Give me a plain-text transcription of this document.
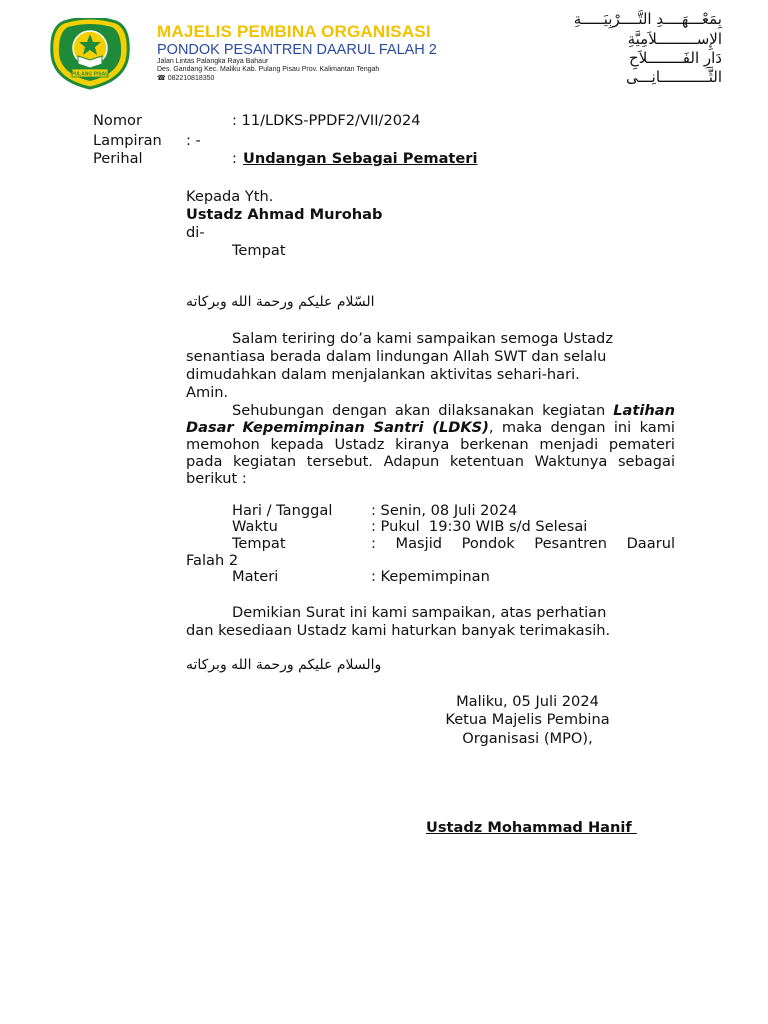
PULANG PISAU
MAJELIS PEMBINA ORGANISASI
PONDOK PESANTREN DAARUL FALAH 2
Jalan Lintas Palangka Raya Bahaur
Des. Gandang Kec. Maliku Kab. Pulang Pisau Prov. Kalimantan Tengah
☎ 082210818350
بِمَعْـــهَــــدِ التَّــــرْبِيَـــــةِ
الإِســـــــــلاَمِيَّةِ
دَارِ الفَــــــــلاَحِ
الثَّـــــــــــانِـــى
Nomor	: 11/LDKS-PPDF2/VII/2024
Lampiran : -
Perihal	: Undangan Sebagai Pemateri
Kepada Yth.
Ustadz Ahmad Murohab
di-
Tempat
السّلام عليكم ورحمة الله وبركاته
Salam teriring do’a kami sampaikan semoga Ustadz
senantiasa berada dalam lindungan Allah SWT dan selalu
dimudahkan dalam menjalankan aktivitas sehari-hari.
Amin.
Sehubungan dengan akan dilaksanakan kegiatan Latihan Dasar Kepemimpinan Santri (LDKS), maka dengan ini kami memohon kepada Ustadz kiranya berkenan menjadi pemateri pada kegiatan tersebut. Adapun ketentuan Waktunya sebagai berikut :
Hari / Tanggal	: Senin, 08 Juli 2024
Waktu	: Pukul  19:30 WIB s/d Selesai
Tempat	: Masjid Pondok Pesantren Daarul
Falah 2
Materi	: Kepemimpinan
Demikian Surat ini kami sampaikan, atas perhatian
dan kesediaan Ustadz kami haturkan banyak terimakasih.
والسلام عليكم ورحمة الله وبركاته
Maliku, 05 Juli 2024
Ketua Majelis Pembina
Organisasi (MPO),
Ustadz Mohammad Hanif
